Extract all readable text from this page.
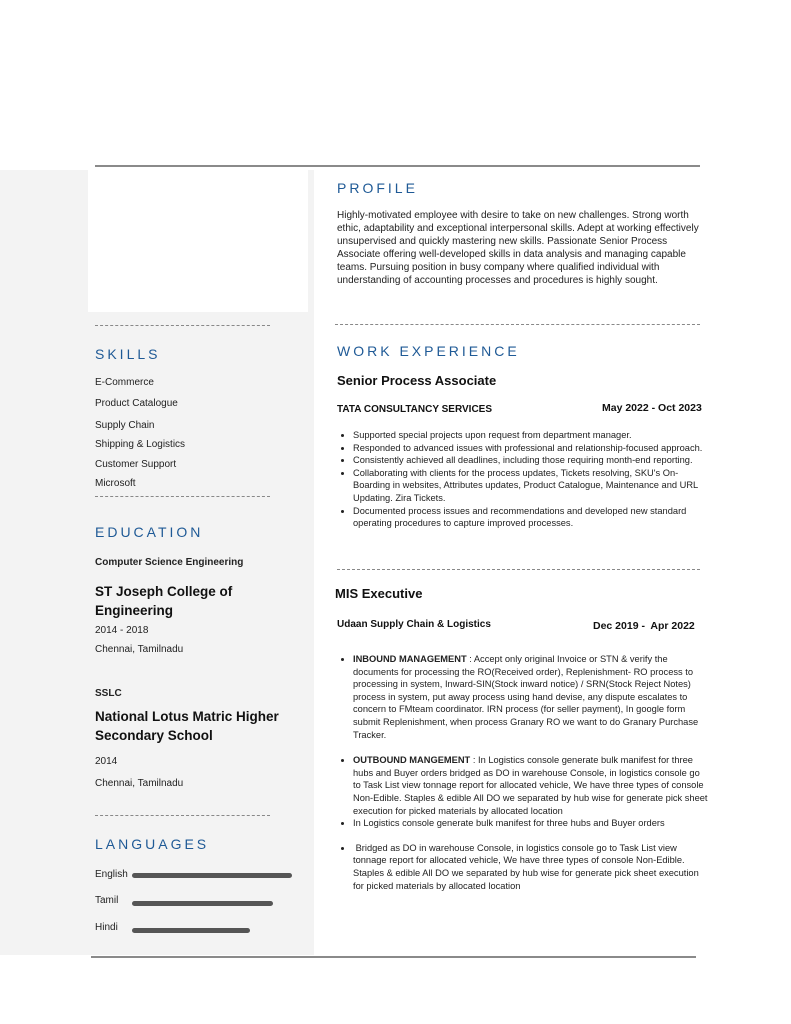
PROFILE
Highly-motivated employee with desire to take on new challenges. Strong worth ethic, adaptability and exceptional interpersonal skills. Adept at working effectively unsupervised and quickly mastering new skills. Passionate Senior Process Associate offering well-developed skills in data analysis and managing capable teams. Pursuing position in busy company where qualified individual with understanding of accounting processes and procedures is highly sought.
SKILLS
E-Commerce
Product Catalogue
Supply Chain
Shipping & Logistics
Customer Support
Microsoft
EDUCATION
Computer Science Engineering
ST Joseph College of Engineering
2014 - 2018
Chennai, Tamilnadu
SSLC
National Lotus Matric Higher Secondary School
2014
Chennai, Tamilnadu
LANGUAGES
English
Tamil
Hindi
WORK EXPERIENCE
Senior Process Associate
TATA CONSULTANCY SERVICES	May 2022 - Oct 2023
• Supported special projects upon request from department manager.
• Responded to advanced issues with professional and relationship-focused approach.
• Consistently achieved all deadlines, including those requiring month-end reporting.
• Collaborating with clients for the process updates, Tickets resolving, SKU's On-Boarding in websites, Attributes updates, Product Catalogue, Maintenance and URL Updating. Zira Tickets.
• Documented process issues and recommendations and developed new standard operating procedures to capture improved processes.
MIS Executive
Udaan Supply Chain & Logistics	Dec 2019 -  Apr 2022
• INBOUND MANAGEMENT : Accept only original Invoice or STN & verify the documents for processing the RO(Received order), Replenishment- RO process to processing in system, Inward-SIN(Stock inward notice) / SRN(Stock Reject Notes) process in system, put away process using hand devise, any dispute escalates to concern to FMteam coordinator. IRN process (for seller payment), In google form submit Replenishment, when process Granary RO we want to do Granary Purchase Tracker.
• OUTBOUND MANGEMENT : In Logistics console generate bulk manifest for three hubs and Buyer orders bridged as DO in warehouse Console, in logistics console go to Task List view tonnage report for allocated vehicle, We have three types of console Non-Edible. Staples & edible All DO we separated by hub wise for generate pick sheet execution for picked materials by allocated location
• In Logistics console generate bulk manifest for three hubs and Buyer orders
•  Bridged as DO in warehouse Console, in logistics console go to Task List view tonnage report for allocated vehicle, We have three types of console Non-Edible. Staples & edible All DO we separated by hub wise for generate pick sheet execution for picked materials by allocated location
